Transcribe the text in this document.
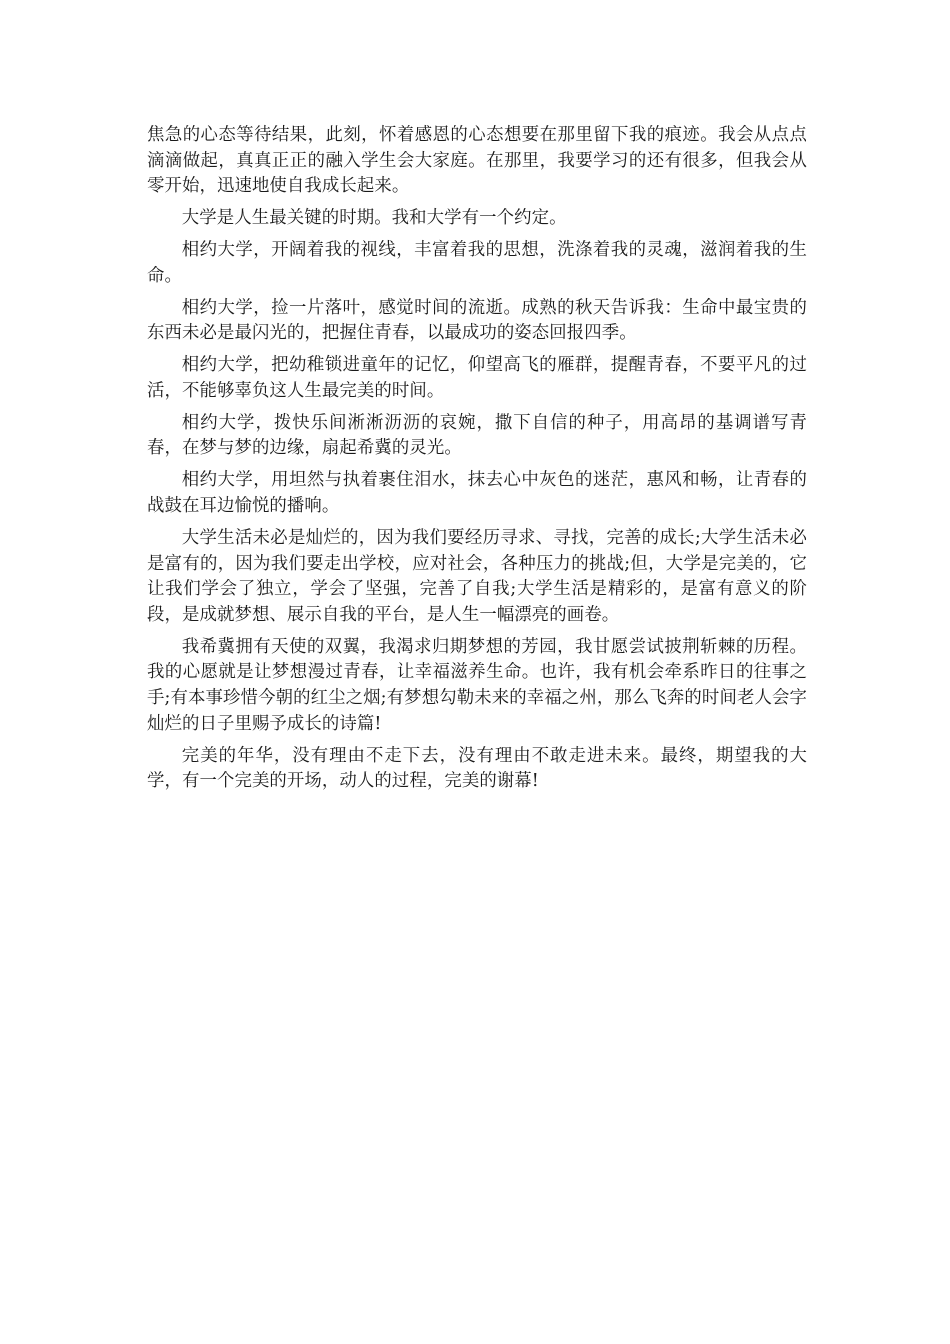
焦急的心态等待结果，此刻，怀着感恩的心态想要在那里留下我的痕迹。我会从点点滴滴做起，真真正正的融入学生会大家庭。在那里，我要学习的还有很多，但我会从零开始，迅速地使自我成长起来。

大学是人生最关键的时期。我和大学有一个约定。

相约大学，开阔着我的视线，丰富着我的思想，洗涤着我的灵魂，滋润着我的生命。

相约大学，捡一片落叶，感觉时间的流逝。成熟的秋天告诉我：生命中最宝贵的东西未必是最闪光的，把握住青春，以最成功的姿态回报四季。

相约大学，把幼稚锁进童年的记忆，仰望高飞的雁群，提醒青春，不要平凡的过活，不能够辜负这人生最完美的时间。

相约大学，拨快乐间淅淅沥沥的哀婉，撒下自信的种子，用高昂的基调谱写青春，在梦与梦的边缘，扇起希冀的灵光。

相约大学，用坦然与执着裹住泪水，抹去心中灰色的迷茫，惠风和畅，让青春的战鼓在耳边愉悦的播响。

大学生活未必是灿烂的，因为我们要经历寻求、寻找，完善的成长;大学生活未必是富有的，因为我们要走出学校，应对社会，各种压力的挑战;但，大学是完美的，它让我们学会了独立，学会了坚强，完善了自我;大学生活是精彩的，是富有意义的阶段，是成就梦想、展示自我的平台，是人生一幅漂亮的画卷。

我希冀拥有天使的双翼，我渴求归期梦想的芳园，我甘愿尝试披荆斩棘的历程。我的心愿就是让梦想漫过青春，让幸福滋养生命。也许，我有机会牵系昨日的往事之手;有本事珍惜今朝的红尘之烟;有梦想勾勒未来的幸福之州，那么飞奔的时间老人会字灿烂的日子里赐予成长的诗篇!

完美的年华，没有理由不走下去，没有理由不敢走进未来。最终，期望我的大学，有一个完美的开场，动人的过程，完美的谢幕!
